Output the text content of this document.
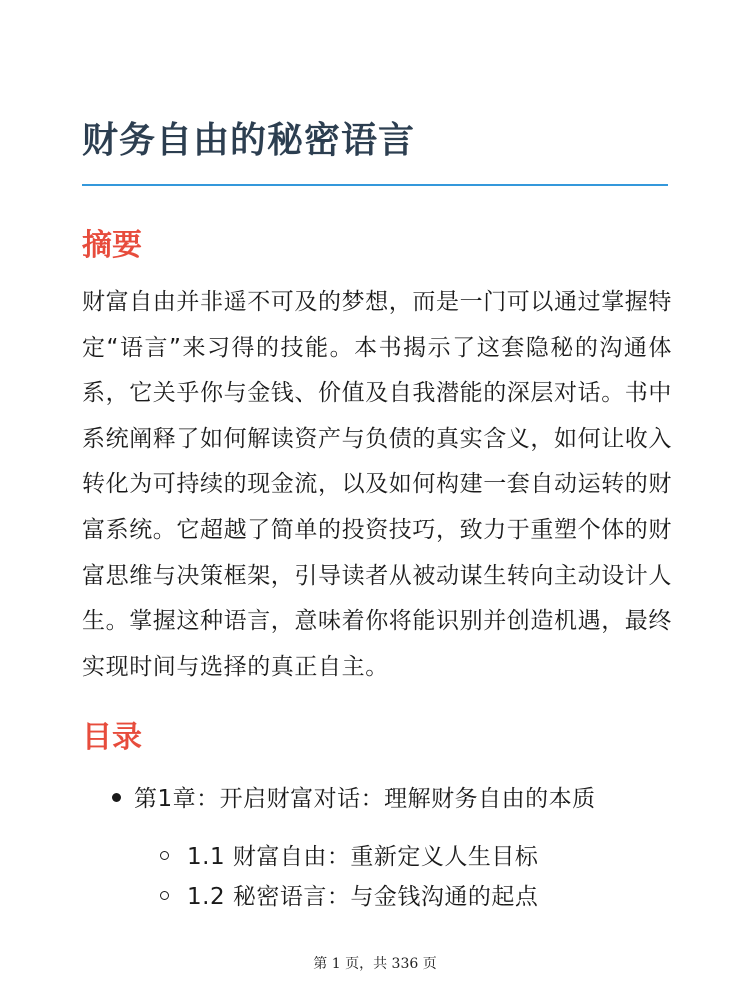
财务自由的秘密语言
摘要

财富自由并非遥不可及的梦想，而是一门可以通过掌握特定“语言”来习得的技能。本书揭示了这套隐秘的沟通体系，它关乎你与金钱、价值及自我潜能的深层对话。书中系统阐释了如何解读资产与负债的真实含义，如何让收入转化为可持续的现金流，以及如何构建一套自动运转的财富系统。它超越了简单的投资技巧，致力于重塑个体的财富思维与决策框架，引导读者从被动谋生转向主动设计人生。掌握这种语言，意味着你将能识别并创造机遇，最终实现时间与选择的真正自主。

目录
第1章：开启财富对话：理解财务自由的本质
1.1 财富自由：重新定义人生目标
1.2 秘密语言：与金钱沟通的起点
第 1 页，共 336 页
